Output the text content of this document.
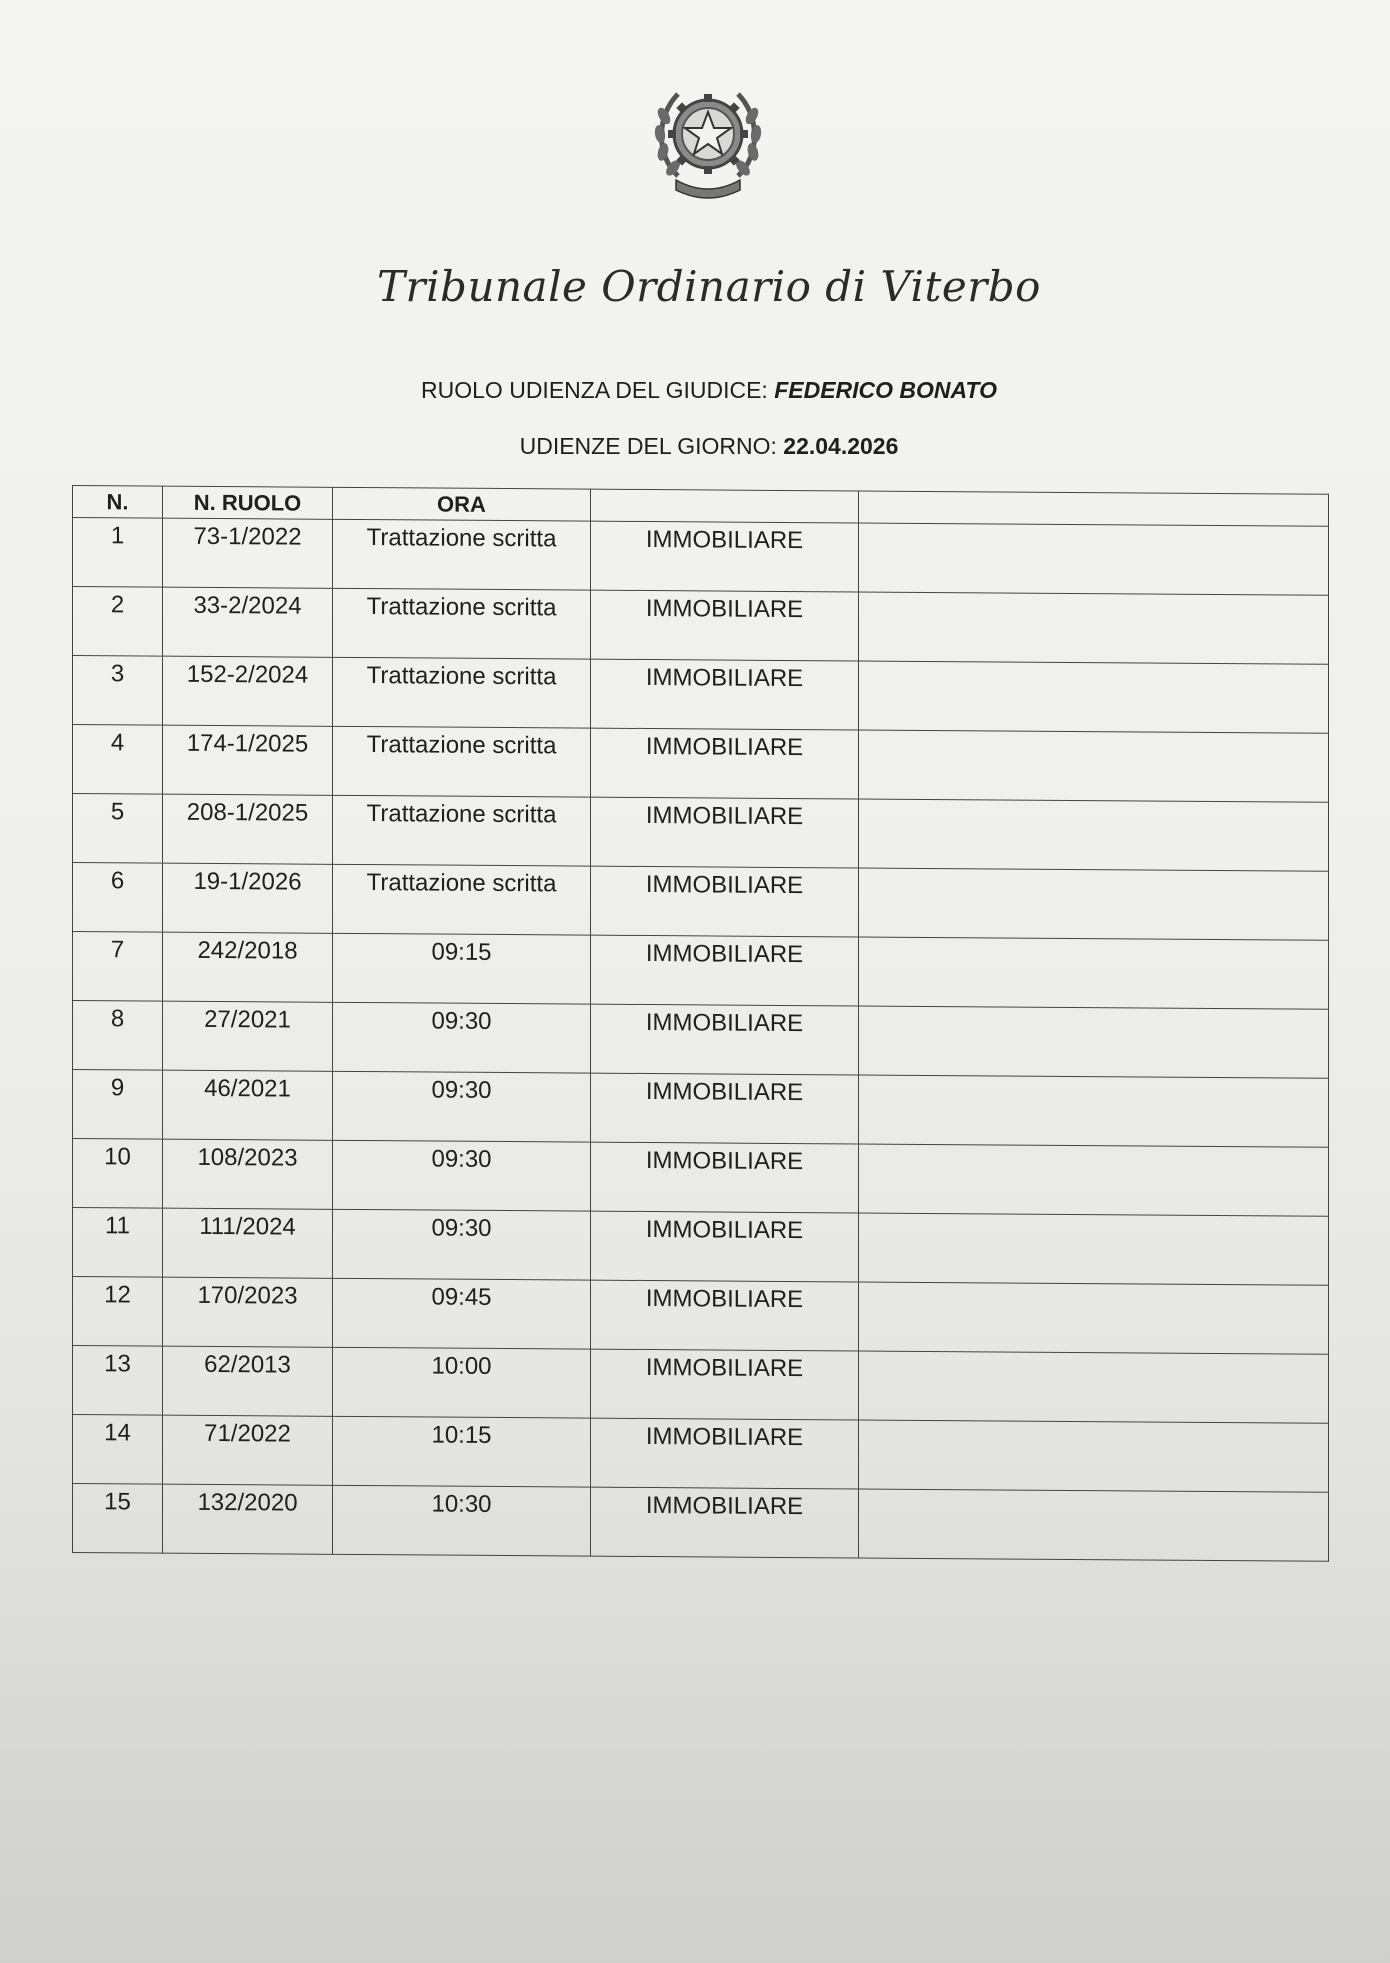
Tribunale Ordinario di Viterbo
RUOLO UDIENZA DEL GIUDICE: FEDERICO BONATO
UDIENZE DEL GIORNO: 22.04.2026
N.	N. RUOLO	ORA		
1	73-1/2022	Trattazione scritta	IMMOBILIARE	
2	33-2/2024	Trattazione scritta	IMMOBILIARE	
3	152-2/2024	Trattazione scritta	IMMOBILIARE	
4	174-1/2025	Trattazione scritta	IMMOBILIARE	
5	208-1/2025	Trattazione scritta	IMMOBILIARE	
6	19-1/2026	Trattazione scritta	IMMOBILIARE	
7	242/2018	09:15	IMMOBILIARE	
8	27/2021	09:30	IMMOBILIARE	
9	46/2021	09:30	IMMOBILIARE	
10	108/2023	09:30	IMMOBILIARE	
11	111/2024	09:30	IMMOBILIARE	
12	170/2023	09:45	IMMOBILIARE	
13	62/2013	10:00	IMMOBILIARE	
14	71/2022	10:15	IMMOBILIARE	
15	132/2020	10:30	IMMOBILIARE	
